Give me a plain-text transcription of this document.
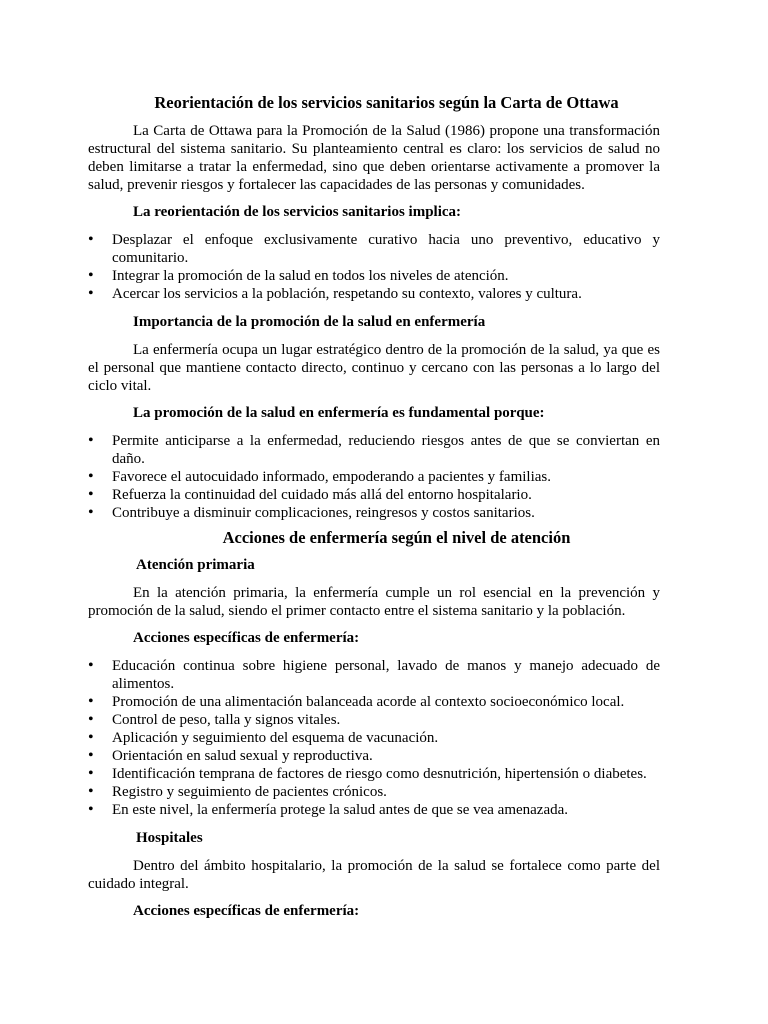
Reorientación de los servicios sanitarios según la Carta de Ottawa

La Carta de Ottawa para la Promoción de la Salud (1986) propone una transformación estructural del sistema sanitario. Su planteamiento central es claro: los servicios de salud no deben limitarse a tratar la enfermedad, sino que deben orientarse activamente a promover la salud, prevenir riesgos y fortalecer las capacidades de las personas y comunidades.

La reorientación de los servicios sanitarios implica:
• Desplazar el enfoque exclusivamente curativo hacia uno preventivo, educativo y comunitario.
• Integrar la promoción de la salud en todos los niveles de atención.
• Acercar los servicios a la población, respetando su contexto, valores y cultura.
Importancia de la promoción de la salud en enfermería

La enfermería ocupa un lugar estratégico dentro de la promoción de la salud, ya que es el personal que mantiene contacto directo, continuo y cercano con las personas a lo largo del ciclo vital.

La promoción de la salud en enfermería es fundamental porque:
• Permite anticiparse a la enfermedad, reduciendo riesgos antes de que se conviertan en daño.
• Favorece el autocuidado informado, empoderando a pacientes y familias.
• Refuerza la continuidad del cuidado más allá del entorno hospitalario.
• Contribuye a disminuir complicaciones, reingresos y costos sanitarios.
Acciones de enfermería según el nivel de atención
Atención primaria

En la atención primaria, la enfermería cumple un rol esencial en la prevención y promoción de la salud, siendo el primer contacto entre el sistema sanitario y la población.

Acciones específicas de enfermería:
• Educación continua sobre higiene personal, lavado de manos y manejo adecuado de alimentos.
• Promoción de una alimentación balanceada acorde al contexto socioeconómico local.
• Control de peso, talla y signos vitales.
• Aplicación y seguimiento del esquema de vacunación.
• Orientación en salud sexual y reproductiva.
• Identificación temprana de factores de riesgo como desnutrición, hipertensión o diabetes.
• Registro y seguimiento de pacientes crónicos.
• En este nivel, la enfermería protege la salud antes de que se vea amenazada.
Hospitales

Dentro del ámbito hospitalario, la promoción de la salud se fortalece como parte del cuidado integral.

Acciones específicas de enfermería:
